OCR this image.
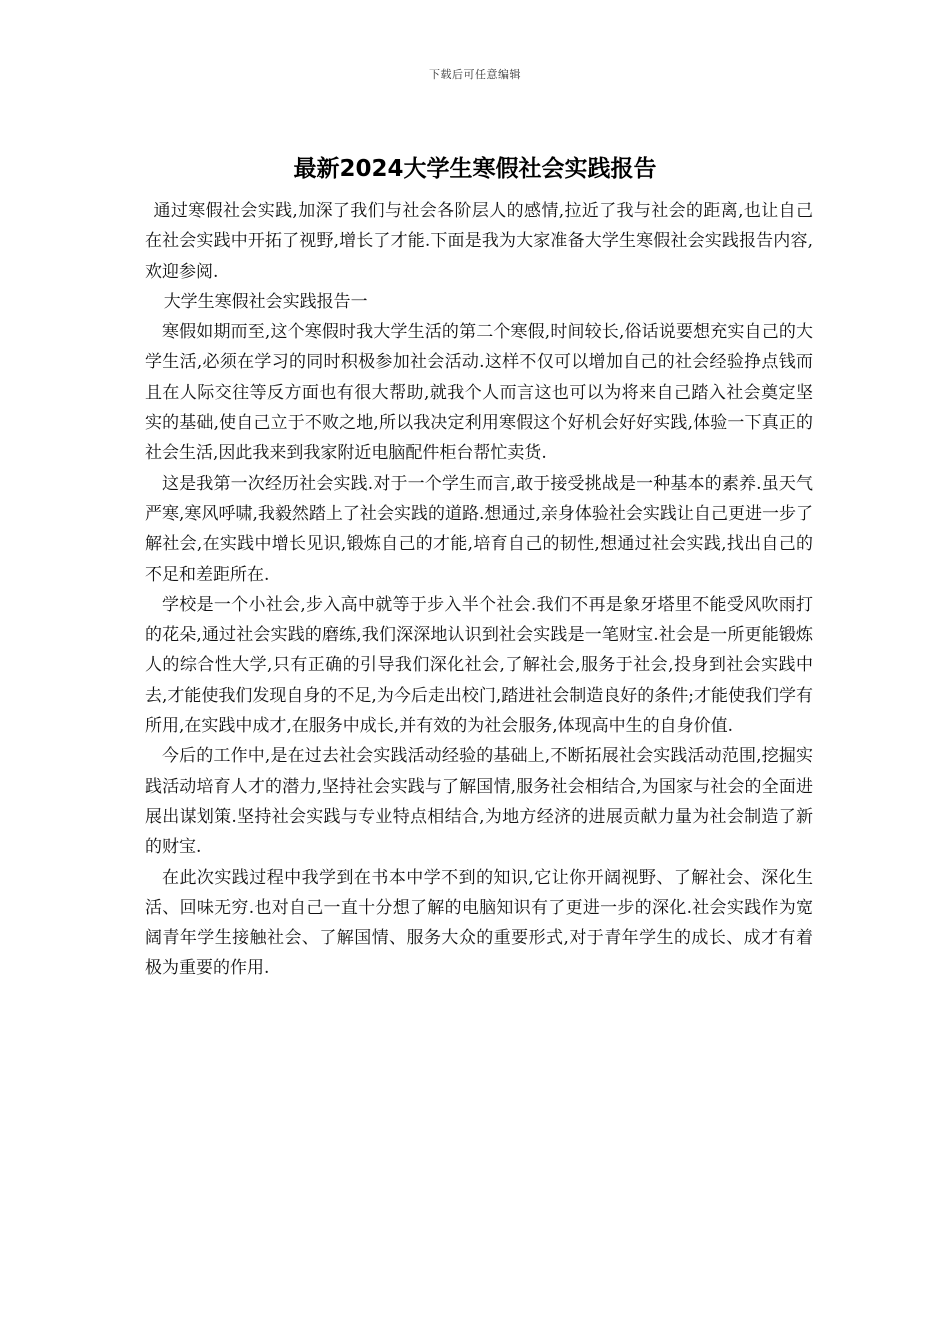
下载后可任意编辑
最新2024大学生寒假社会实践报告

通过寒假社会实践,加深了我们与社会各阶层人的感情,拉近了我与社会的距离,也让自己在社会实践中开拓了视野,增长了才能.下面是我为大家准备大学生寒假社会实践报告内容,欢迎参阅.

大学生寒假社会实践报告一

寒假如期而至,这个寒假时我大学生活的第二个寒假,时间较长,俗话说要想充实自己的大学生活,必须在学习的同时积极参加社会活动.这样不仅可以增加自己的社会经验挣点钱而且在人际交往等反方面也有很大帮助,就我个人而言这也可以为将来自己踏入社会奠定坚实的基础,使自己立于不败之地,所以我决定利用寒假这个好机会好好实践,体验一下真正的社会生活,因此我来到我家附近电脑配件柜台帮忙卖货.

这是我第一次经历社会实践.对于一个学生而言,敢于接受挑战是一种基本的素养.虽天气严寒,寒风呼啸,我毅然踏上了社会实践的道路.想通过,亲身体验社会实践让自己更进一步了解社会,在实践中增长见识,锻炼自己的才能,培育自己的韧性,想通过社会实践,找出自己的不足和差距所在.

学校是一个小社会,步入高中就等于步入半个社会.我们不再是象牙塔里不能受风吹雨打的花朵,通过社会实践的磨练,我们深深地认识到社会实践是一笔财宝.社会是一所更能锻炼人的综合性大学,只有正确的引导我们深化社会,了解社会,服务于社会,投身到社会实践中去,才能使我们发现自身的不足,为今后走出校门,踏进社会制造良好的条件;才能使我们学有所用,在实践中成才,在服务中成长,并有效的为社会服务,体现高中生的自身价值.

今后的工作中,是在过去社会实践活动经验的基础上,不断拓展社会实践活动范围,挖掘实践活动培育人才的潜力,坚持社会实践与了解国情,服务社会相结合,为国家与社会的全面进展出谋划策.坚持社会实践与专业特点相结合,为地方经济的进展贡献力量为社会制造了新的财宝.

在此次实践过程中我学到在书本中学不到的知识,它让你开阔视野、了解社会、深化生活、回味无穷.也对自己一直十分想了解的电脑知识有了更进一步的深化.社会实践作为宽阔青年学生接触社会、了解国情、服务大众的重要形式,对于青年学生的成长、成才有着极为重要的作用.
